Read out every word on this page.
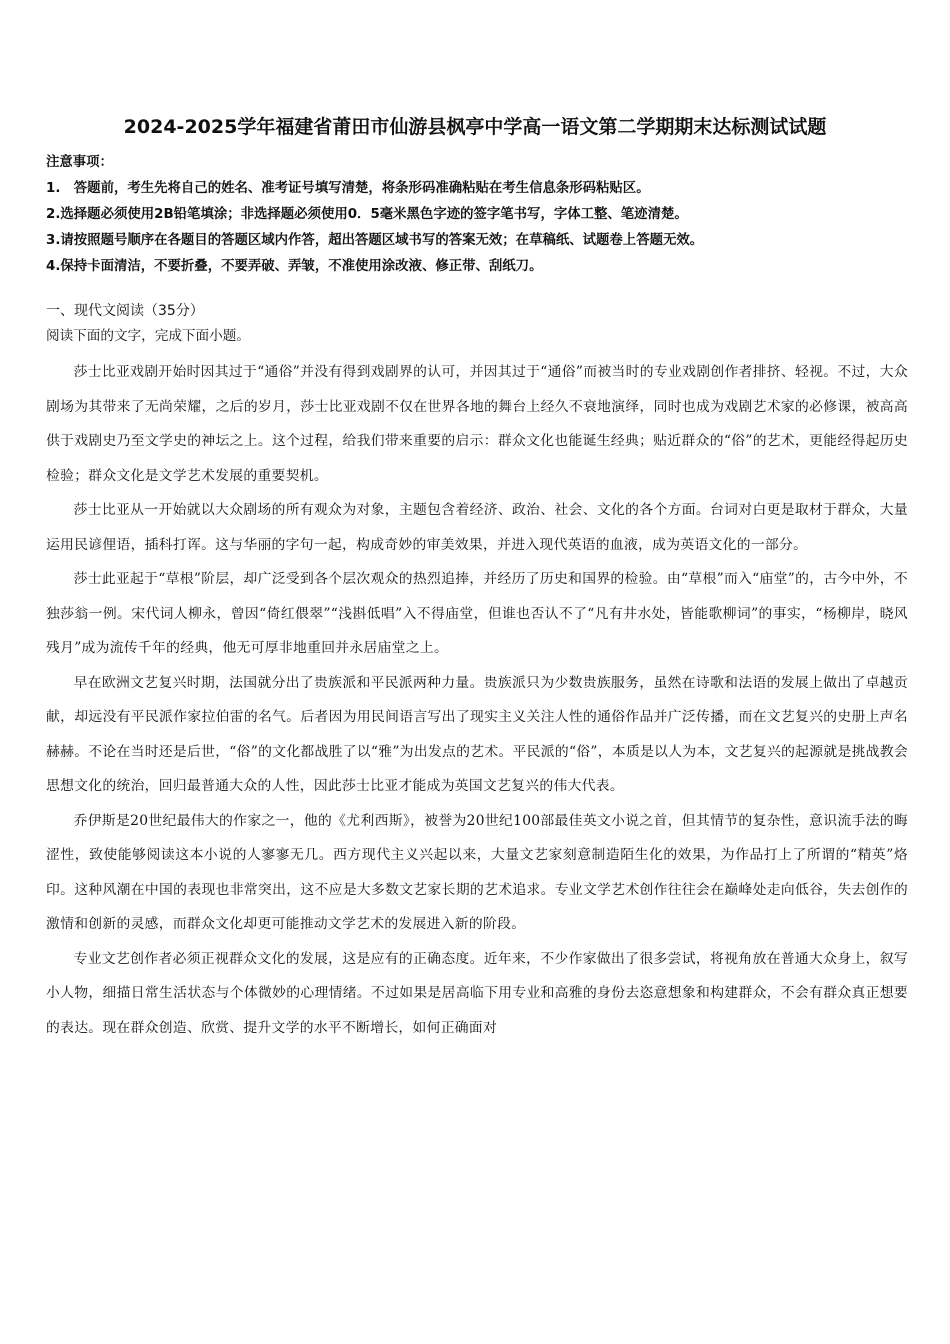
2024-2025学年福建省莆田市仙游县枫亭中学高一语文第二学期期末达标测试试题
注意事项：
1.　答题前，考生先将自己的姓名、准考证号填写清楚，将条形码准确粘贴在考生信息条形码粘贴区。
2.选择题必须使用2B铅笔填涂；非选择题必须使用0．5毫米黑色字迹的签字笔书写，字体工整、笔迹清楚。
3.请按照题号顺序在各题目的答题区域内作答，超出答题区域书写的答案无效；在草稿纸、试题卷上答题无效。
4.保持卡面清洁，不要折叠，不要弄破、弄皱，不准使用涂改液、修正带、刮纸刀。
一、现代文阅读（35分）
阅读下面的文字，完成下面小题。

莎士比亚戏剧开始时因其过于“通俗”并没有得到戏剧界的认可，并因其过于“通俗”而被当时的专业戏剧创作者排挤、轻视。不过，大众剧场为其带来了无尚荣耀，之后的岁月，莎士比亚戏剧不仅在世界各地的舞台上经久不衰地演绎，同时也成为戏剧艺术家的必修课，被高高供于戏剧史乃至文学史的神坛之上。这个过程，给我们带来重要的启示：群众文化也能诞生经典；贴近群众的“俗”的艺术，更能经得起历史检验；群众文化是文学艺术发展的重要契机。

莎士比亚从一开始就以大众剧场的所有观众为对象，主题包含着经济、政治、社会、文化的各个方面。台词对白更是取材于群众，大量运用民谚俚语，插科打诨。这与华丽的字句一起，构成奇妙的审美效果，并进入现代英语的血液，成为英语文化的一部分。

莎士此亚起于“草根”阶层，却广泛受到各个层次观众的热烈追捧，并经历了历史和国界的检验。由“草根”而入“庙堂”的，古今中外，不独莎翁一例。宋代词人柳永，曾因“倚红偎翠”“浅斟低唱”入不得庙堂，但谁也否认不了“凡有井水处，皆能歌柳词”的事实，“杨柳岸，晓风残月”成为流传千年的经典，他无可厚非地重回并永居庙堂之上。

早在欧洲文艺复兴时期，法国就分出了贵族派和平民派两种力量。贵族派只为少数贵族服务，虽然在诗歌和法语的发展上做出了卓越贡献，却远没有平民派作家拉伯雷的名气。后者因为用民间语言写出了现实主义关注人性的通俗作品并广泛传播，而在文艺复兴的史册上声名赫赫。不论在当时还是后世，“俗”的文化都战胜了以“雅”为出发点的艺术。平民派的“俗”，本质是以人为本，文艺复兴的起源就是挑战教会思想文化的统治，回归最普通大众的人性，因此莎士比亚才能成为英国文艺复兴的伟大代表。

乔伊斯是20世纪最伟大的作家之一，他的《尤利西斯》，被誉为20世纪100部最佳英文小说之首，但其情节的复杂性，意识流手法的晦涩性，致使能够阅读这本小说的人寥寥无几。西方现代主义兴起以来，大量文艺家刻意制造陌生化的效果，为作品打上了所谓的“精英”烙印。这种风潮在中国的表现也非常突出，这不应是大多数文艺家长期的艺术追求。专业文学艺术创作往往会在巅峰处走向低谷，失去创作的激情和创新的灵感，而群众文化却更可能推动文学艺术的发展进入新的阶段。

专业文艺创作者必须正视群众文化的发展，这是应有的正确态度。近年来，不少作家做出了很多尝试，将视角放在普通大众身上，叙写小人物，细描日常生活状态与个体微妙的心理情绪。不过如果是居高临下用专业和高雅的身份去恣意想象和构建群众，不会有群众真正想要的表达。现在群众创造、欣赏、提升文学的水平不断增长，如何正确面对
